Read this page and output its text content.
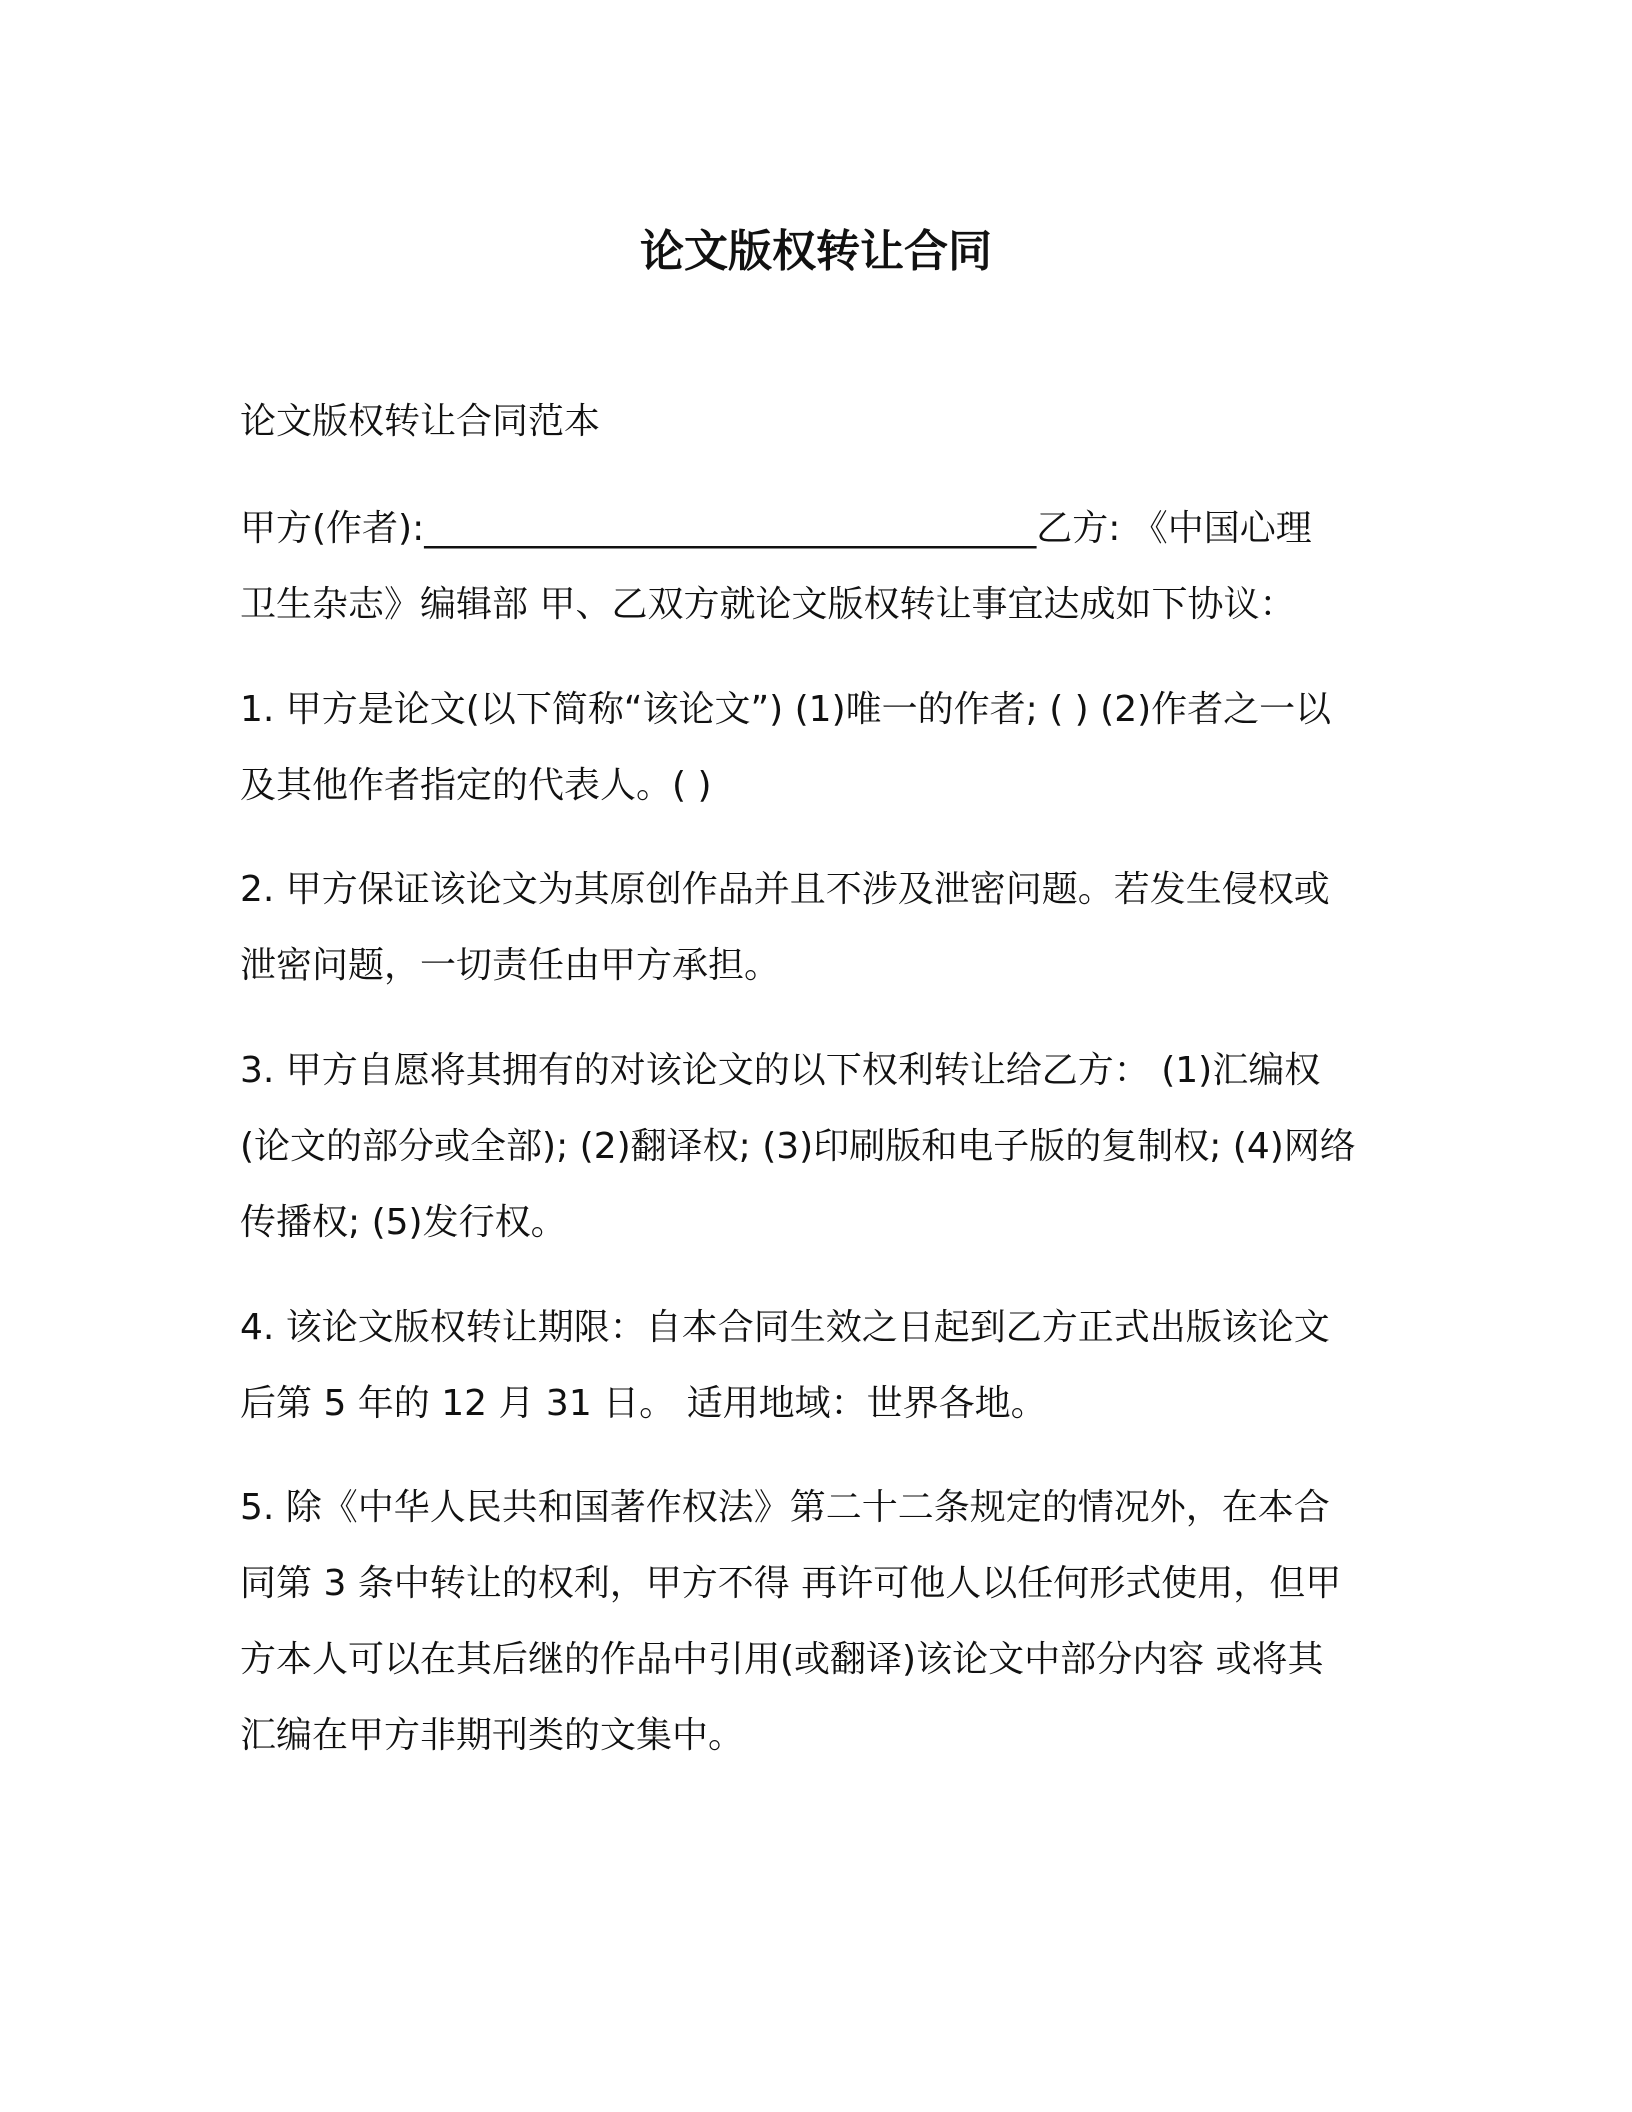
论文版权转让合同
论文版权转让合同范本
甲方(作者):__________________________________乙方: 《中国心理
卫生杂志》编辑部 甲、乙双方就论文版权转让事宜达成如下协议：
1. 甲方是论文(以下简称“该论文”) (1)唯一的作者; ( ) (2)作者之一以
及其他作者指定的代表人。( )
2. 甲方保证该论文为其原创作品并且不涉及泄密问题。若发生侵权或
泄密问题，一切责任由甲方承担。
3. 甲方自愿将其拥有的对该论文的以下权利转让给乙方： (1)汇编权
(论文的部分或全部); (2)翻译权; (3)印刷版和电子版的复制权; (4)网络
传播权; (5)发行权。
4. 该论文版权转让期限：自本合同生效之日起到乙方正式出版该论文
后第 5 年的 12 月 31 日。 适用地域：世界各地。
5. 除《中华人民共和国著作权法》第二十二条规定的情况外，在本合
同第 3 条中转让的权利，甲方不得 再许可他人以任何形式使用，但甲
方本人可以在其后继的作品中引用(或翻译)该论文中部分内容 或将其
汇编在甲方非期刊类的文集中。
